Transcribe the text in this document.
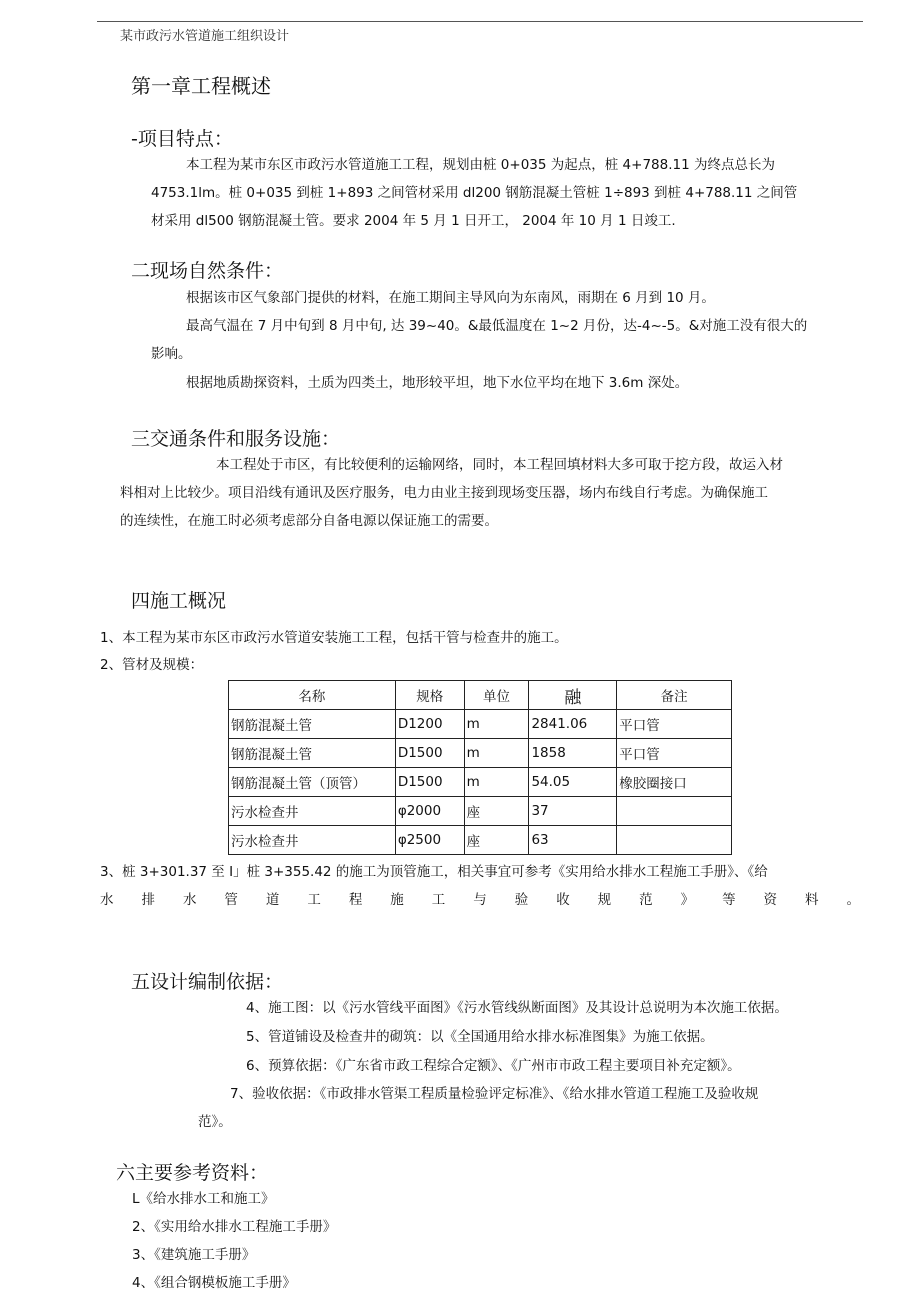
某市政污水管道施工组织设计
第一章工程概述
-项目特点：
本工程为某市东区市政污水管道施工工程，规划由桩 0+035 为起点，桩 4+788.11 为终点总长为
4753.1lm。桩 0+035 到桩 1+893 之间管材采用 dl200 钢筋混凝土管桩 1÷893 到桩 4+788.11 之间管
材采用 dl500 钢筋混凝土管。要求 2004 年 5 月 1 日开工， 2004 年 10 月 1 日竣工.
二现场自然条件：
根据该市区气象部门提供的材料，在施工期间主导风向为东南风，雨期在 6 月到 10 月。
最高气温在 7 月中旬到 8 月中旬, 达 39~40。&最低温度在 1~2 月份，达-4~-5。&对施工没有很大的
影响。
根据地质勘探资料，土质为四类土，地形较平坦，地下水位平均在地下 3.6m 深处。
三交通条件和服务设施：
本工程处于市区，有比较便利的运输网络，同时，本工程回填材料大多可取于挖方段，故运入材
料相对上比较少。项目沿线有通讯及医疗服务，电力由业主接到现场变压器，场内布线自行考虑。为确保施工
的连续性，在施工时必须考虑部分自备电源以保证施工的需要。
四施工概况
1、本工程为某市东区市政污水管道安装施工工程，包括干管与检查井的施工。
2、管材及规模：
名称	规格	单位	融	备注
钢筋混凝土管	D1200	m	2841.06	平口管
钢筋混凝土管	D1500	m	1858	平口管
钢筋混凝土管（顶管）	D1500	m	54.05	橡胶圈接口
污水检查井	φ2000	座	37	
污水检查井	φ2500	座	63	
3、桩 3+301.37 至 I」桩 3+355.42 的施工为顶管施工，相关事宜可参考《实用给水排水工程施工手册》、《给
水排水管道工程施工与验收规范》等资料。
五设计编制依据：
4、施工图：以《污水管线平面图》《污水管线纵断面图》及其设计总说明为本次施工依据。
5、管道铺设及检查井的砌筑：以《全国通用给水排水标准图集》为施工依据。
6、预算依据：《广东省市政工程综合定额》、《广州市市政工程主要项目补充定额》。
7、验收依据：《市政排水管渠工程质量检验评定标准》、《给水排水管道工程施工及验收规
范》。
六主要参考资料：
L《给水排水工和施工》
2、《实用给水排水工程施工手册》
3、《建筑施工手册》
4、《组合钢模板施工手册》
